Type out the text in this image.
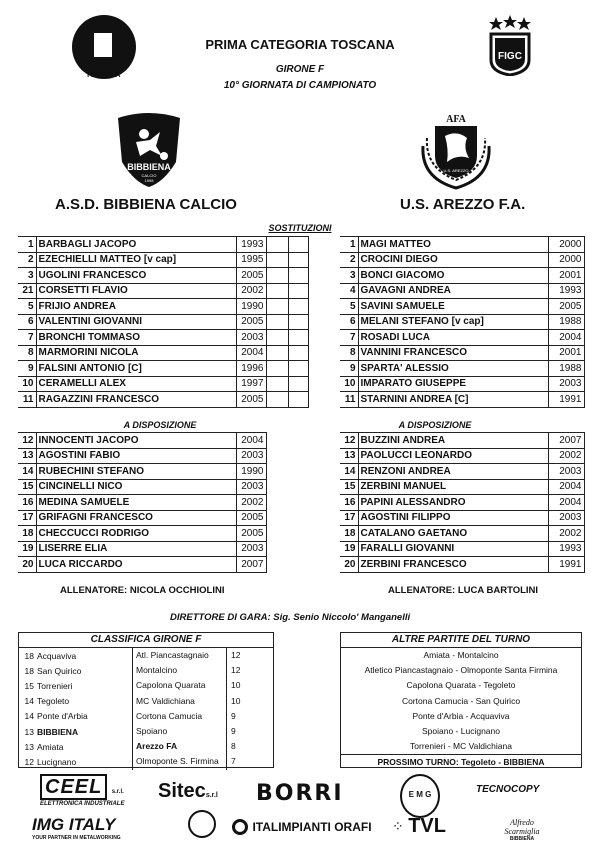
TOSCANA
PRIMA CATEGORIA TOSCANA
GIRONE F
10° GIORNATA DI CAMPIONATO
FIGC
BIBBIENA
CALCIO
1998
AFA
U.S. AREZZO
A.S.D. BIBBIENA CALCIO	U.S. AREZZO F.A.
SOSTITUZIONI
1	BARBAGLI JACOPO	1993		
2	EZECHIELLI MATTEO [v cap]	1995		
3	UGOLINI FRANCESCO	2005		
21	CORSETTI FLAVIO	2002		
5	FRIJIO ANDREA	1990		
6	VALENTINI GIOVANNI	2005		
7	BRONCHI TOMMASO	2003		
8	MARMORINI NICOLA	2004		
9	FALSINI ANTONIO [C]	1996		
10	CERAMELLI ALEX	1997		
11	RAGAZZINI FRANCESCO	2005		
1	MAGI MATTEO	2000
2	CROCINI DIEGO	2000
3	BONCI GIACOMO	2001
4	GAVAGNI ANDREA	1993
5	SAVINI SAMUELE	2005
6	MELANI STEFANO [v cap]	1988
7	ROSADI LUCA	2004
8	VANNINI FRANCESCO	2001
9	SPARTA' ALESSIO	1988
10	IMPARATO GIUSEPPE	2003
11	STARNINI ANDREA [C]	1991
A DISPOSIZIONE	A DISPOSIZIONE
12	INNOCENTI JACOPO	2004
13	AGOSTINI FABIO	2003
14	RUBECHINI STEFANO	1990
15	CINCINELLI NICO	2003
16	MEDINA SAMUELE	2002
17	GRIFAGNI FRANCESCO	2005
18	CHECCUCCI RODRIGO	2005
19	LISERRE ELIA	2003
20	LUCA RICCARDO	2007
12	BUZZINI ANDREA	2007
13	PAOLUCCI LEONARDO	2002
14	RENZONI ANDREA	2003
15	ZERBINI MANUEL	2004
16	PAPINI ALESSANDRO	2004
17	AGOSTINI FILIPPO	2003
18	CATALANO GAETANO	2002
19	FARALLI GIOVANNI	1993
20	ZERBINI FRANCESCO	1991
ALLENATORE: NICOLA OCCHIOLINI	ALLENATORE: LUCA BARTOLINI
DIRETTORE DI GARA: Sig. Senio Niccolo' Manganelli
CLASSIFICA GIRONE F
18 Acquaviva	Atl. Piancastagnaio	12
18 San Quirico	Montalcino	12
15 Torrenieri	Capolona Quarata	10
14 Tegoleto	MC Valdichiana	10
14 Ponte d'Arbia	Cortona Camucia	9
13 BIBBIENA	Spoiano	9
13 Amiata	Arezzo FA	8
12 Lucignano	Olmoponte S. Firmina	7
ALTRE PARTITE DEL TURNO
Amiata - Montalcino
Atletico Piancastagnaio - Olmoponte Santa Firmina
Capolona Quarata - Tegoleto
Cortona Camucia - San Quirico
Ponte d'Arbia - Acquaviva
Spoiano - Lucignano
Torrenieri - MC Valdichiana
PROSSIMO TURNO: Tegoleto - BIBBIENA
CEEL s.r.l.
ELETTRONICA INDUSTRIALE
Sitecs.r.l BORRI	E M G	TECNOCOPY
IMG ITALY
YOUR PARTNER IN METALWORKING
ITALIMPIANTI ORAFI ⁘ TVL	Alfredo Scarmiglia
BIBBIENA
